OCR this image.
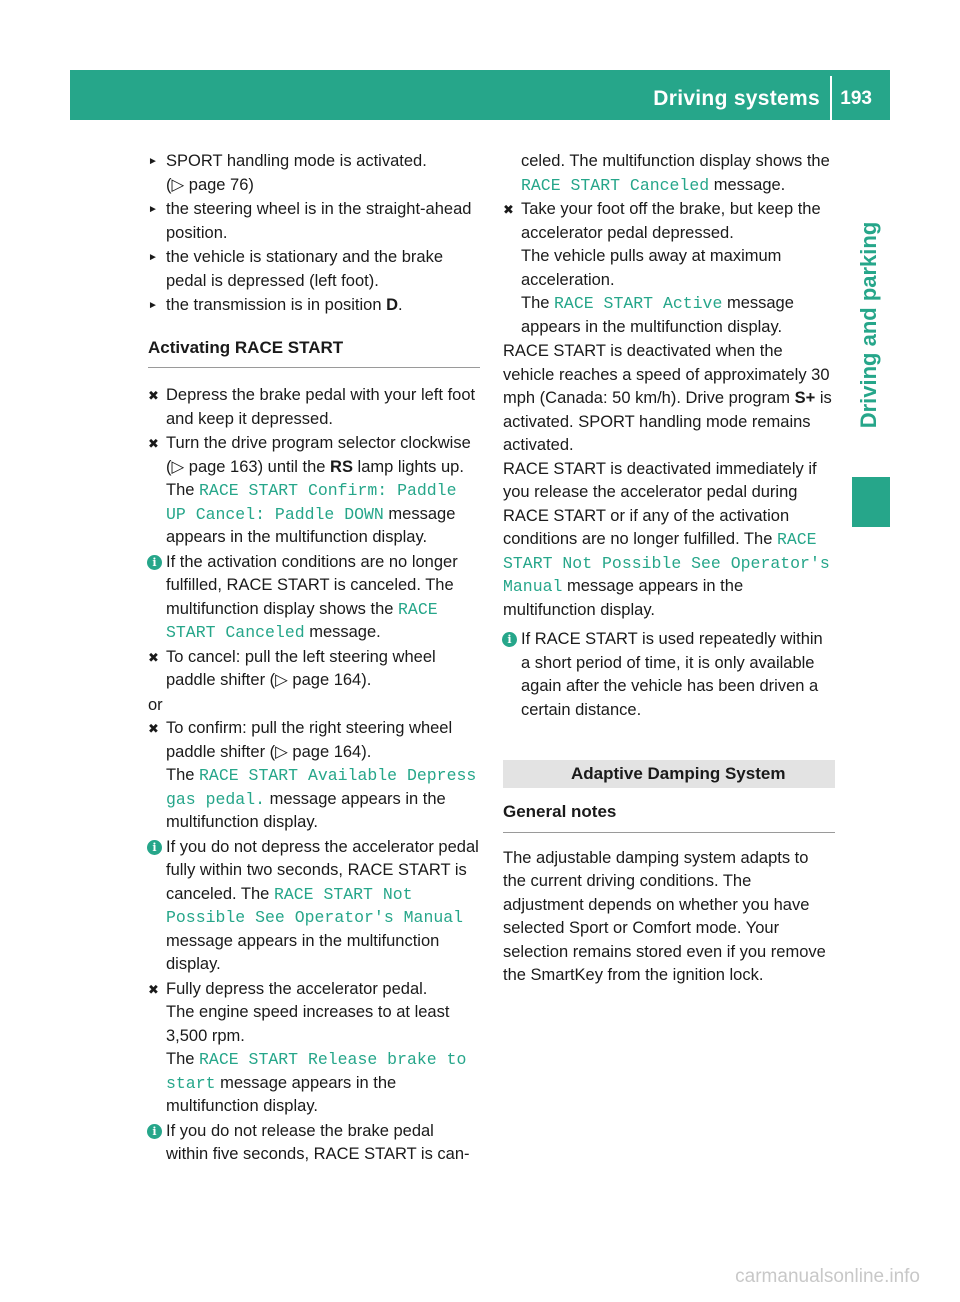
Driving systems 193
Driving and parking
► SPORT handling mode is activated.
(▷ page 76)
► the steering wheel is in the straight-ahead position.
► the vehicle is stationary and the brake pedal is depressed (left foot).
► the transmission is in position D.
Activating RACE START
✖ Depress the brake pedal with your left foot and keep it depressed.
✖ Turn the drive program selector clockwise (▷ page 163) until the RS lamp lights up.
The RACE START Confirm: Paddle UP Cancel: Paddle DOWN message appears in the multifunction display.
i If the activation conditions are no longer fulfilled, RACE START is canceled. The multifunction display shows the RACE START Canceled message.
✖ To cancel: pull the left steering wheel paddle shifter (▷ page 164).
or
✖ To confirm: pull the right steering wheel paddle shifter (▷ page 164).
The RACE START Available Depress gas pedal. message appears in the multifunction display.
i If you do not depress the accelerator pedal fully within two seconds, RACE START is canceled. The RACE START Not Possible See Operator's Manual message appears in the multifunction display.
✖ Fully depress the accelerator pedal.
The engine speed increases to at least 3,500 rpm.
The RACE START Release brake to start message appears in the multifunction display.
i If you do not release the brake pedal within five seconds, RACE START is can-
celed. The multifunction display shows the RACE START Canceled message.
✖ Take your foot off the brake, but keep the accelerator pedal depressed.
The vehicle pulls away at maximum acceleration.
The RACE START Active message appears in the multifunction display.
RACE START is deactivated when the vehicle reaches a speed of approximately 30 mph (Canada: 50 km/h). Drive program S+ is activated. SPORT handling mode remains activated.
RACE START is deactivated immediately if you release the accelerator pedal during RACE START or if any of the activation conditions are no longer fulfilled. The RACE START Not Possible See Operator's Manual message appears in the multifunction display.
i If RACE START is used repeatedly within a short period of time, it is only available again after the vehicle has been driven a certain distance.
Adaptive Damping System
General notes
The adjustable damping system adapts to the current driving conditions. The adjustment depends on whether you have selected Sport or Comfort mode. Your selection remains stored even if you remove the SmartKey from the ignition lock.
carmanualsonline.info
